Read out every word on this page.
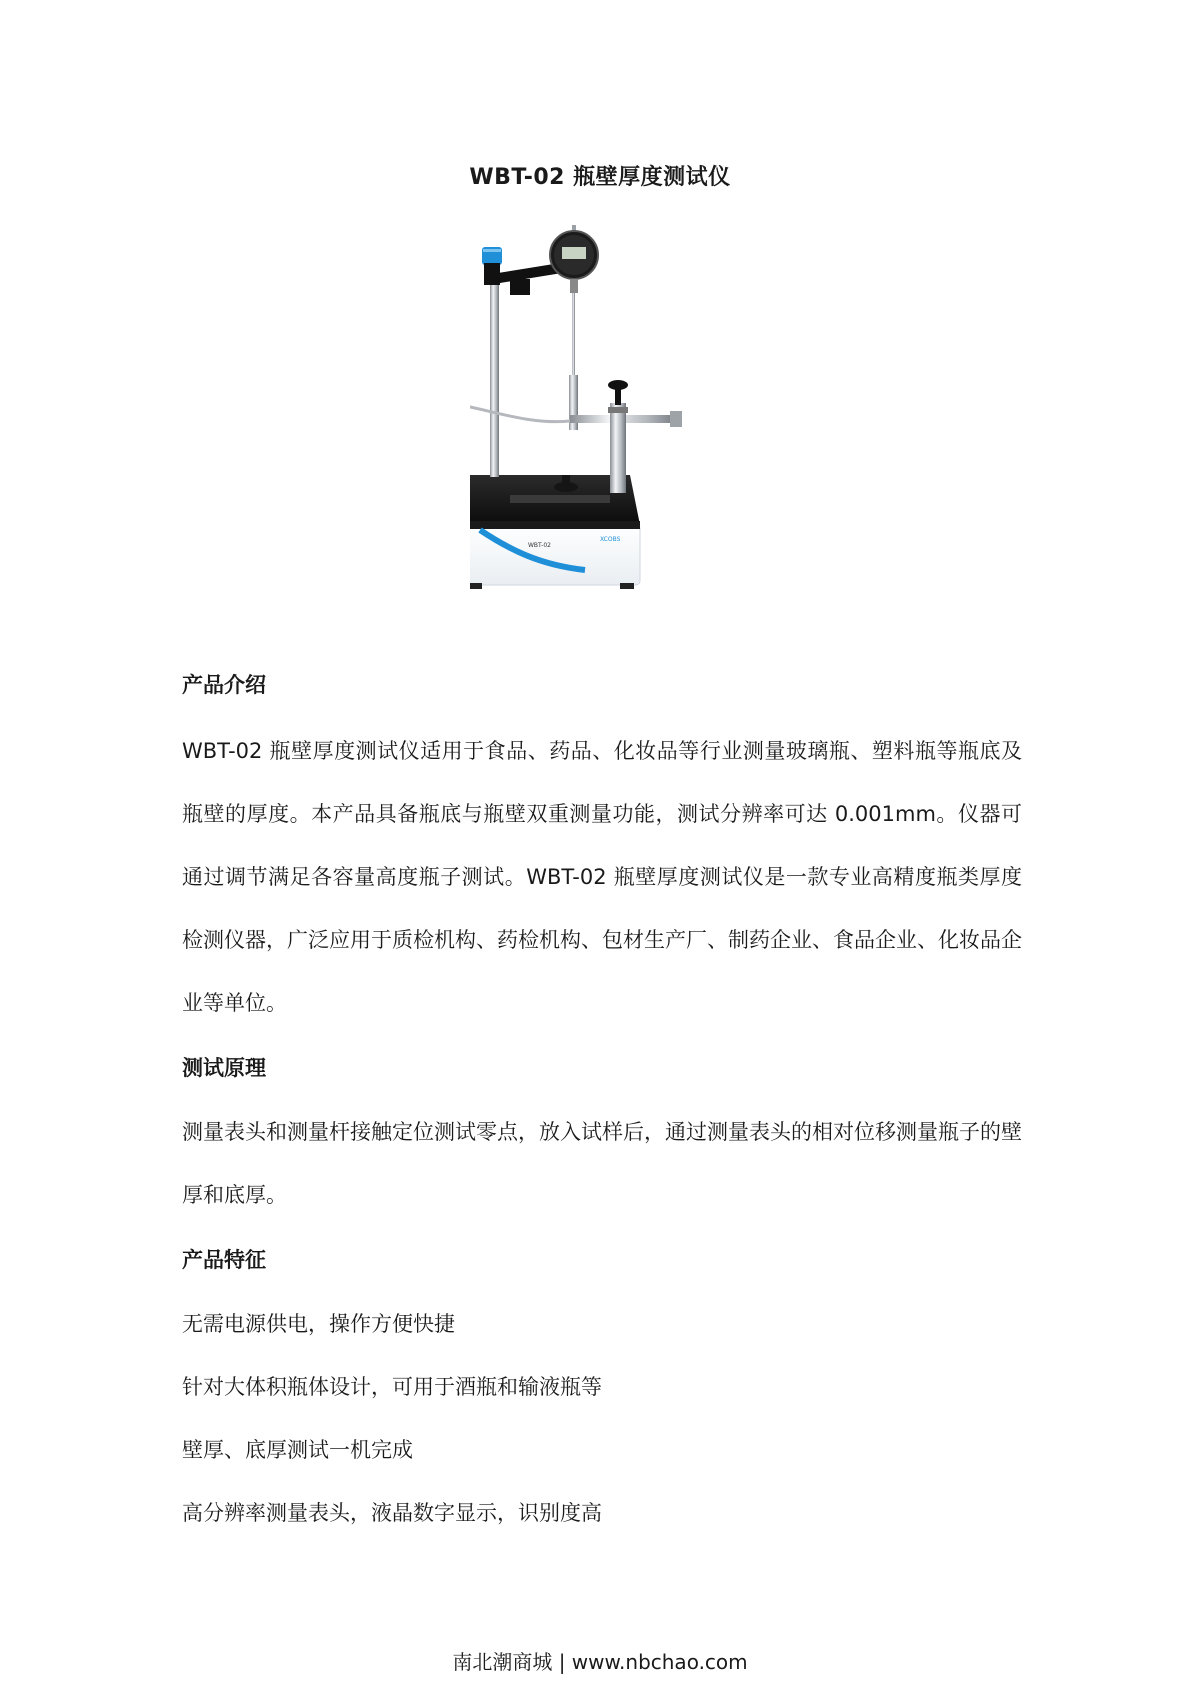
WBT-02 瓶壁厚度测试仪
WBT-02
XCOBS

产品介绍

WBT-02 瓶壁厚度测试仪适用于食品、药品、化妆品等行业测量玻璃瓶、塑料瓶等瓶底及瓶壁的厚度。本产品具备瓶底与瓶壁双重测量功能，测试分辨率可达 0.001mm。仪器可通过调节满足各容量高度瓶子测试。WBT-02 瓶壁厚度测试仪是一款专业高精度瓶类厚度检测仪器，广泛应用于质检机构、药检机构、包材生产厂、制药企业、食品企业、化妆品企业等单位。

测试原理

测量表头和测量杆接触定位测试零点，放入试样后，通过测量表头的相对位移测量瓶子的壁厚和底厚。

产品特征

无需电源供电，操作方便快捷

针对大体积瓶体设计，可用于酒瓶和输液瓶等

壁厚、底厚测试一机完成

高分辨率测量表头，液晶数字显示，识别度高

南北潮商城 | www.nbchao.com
